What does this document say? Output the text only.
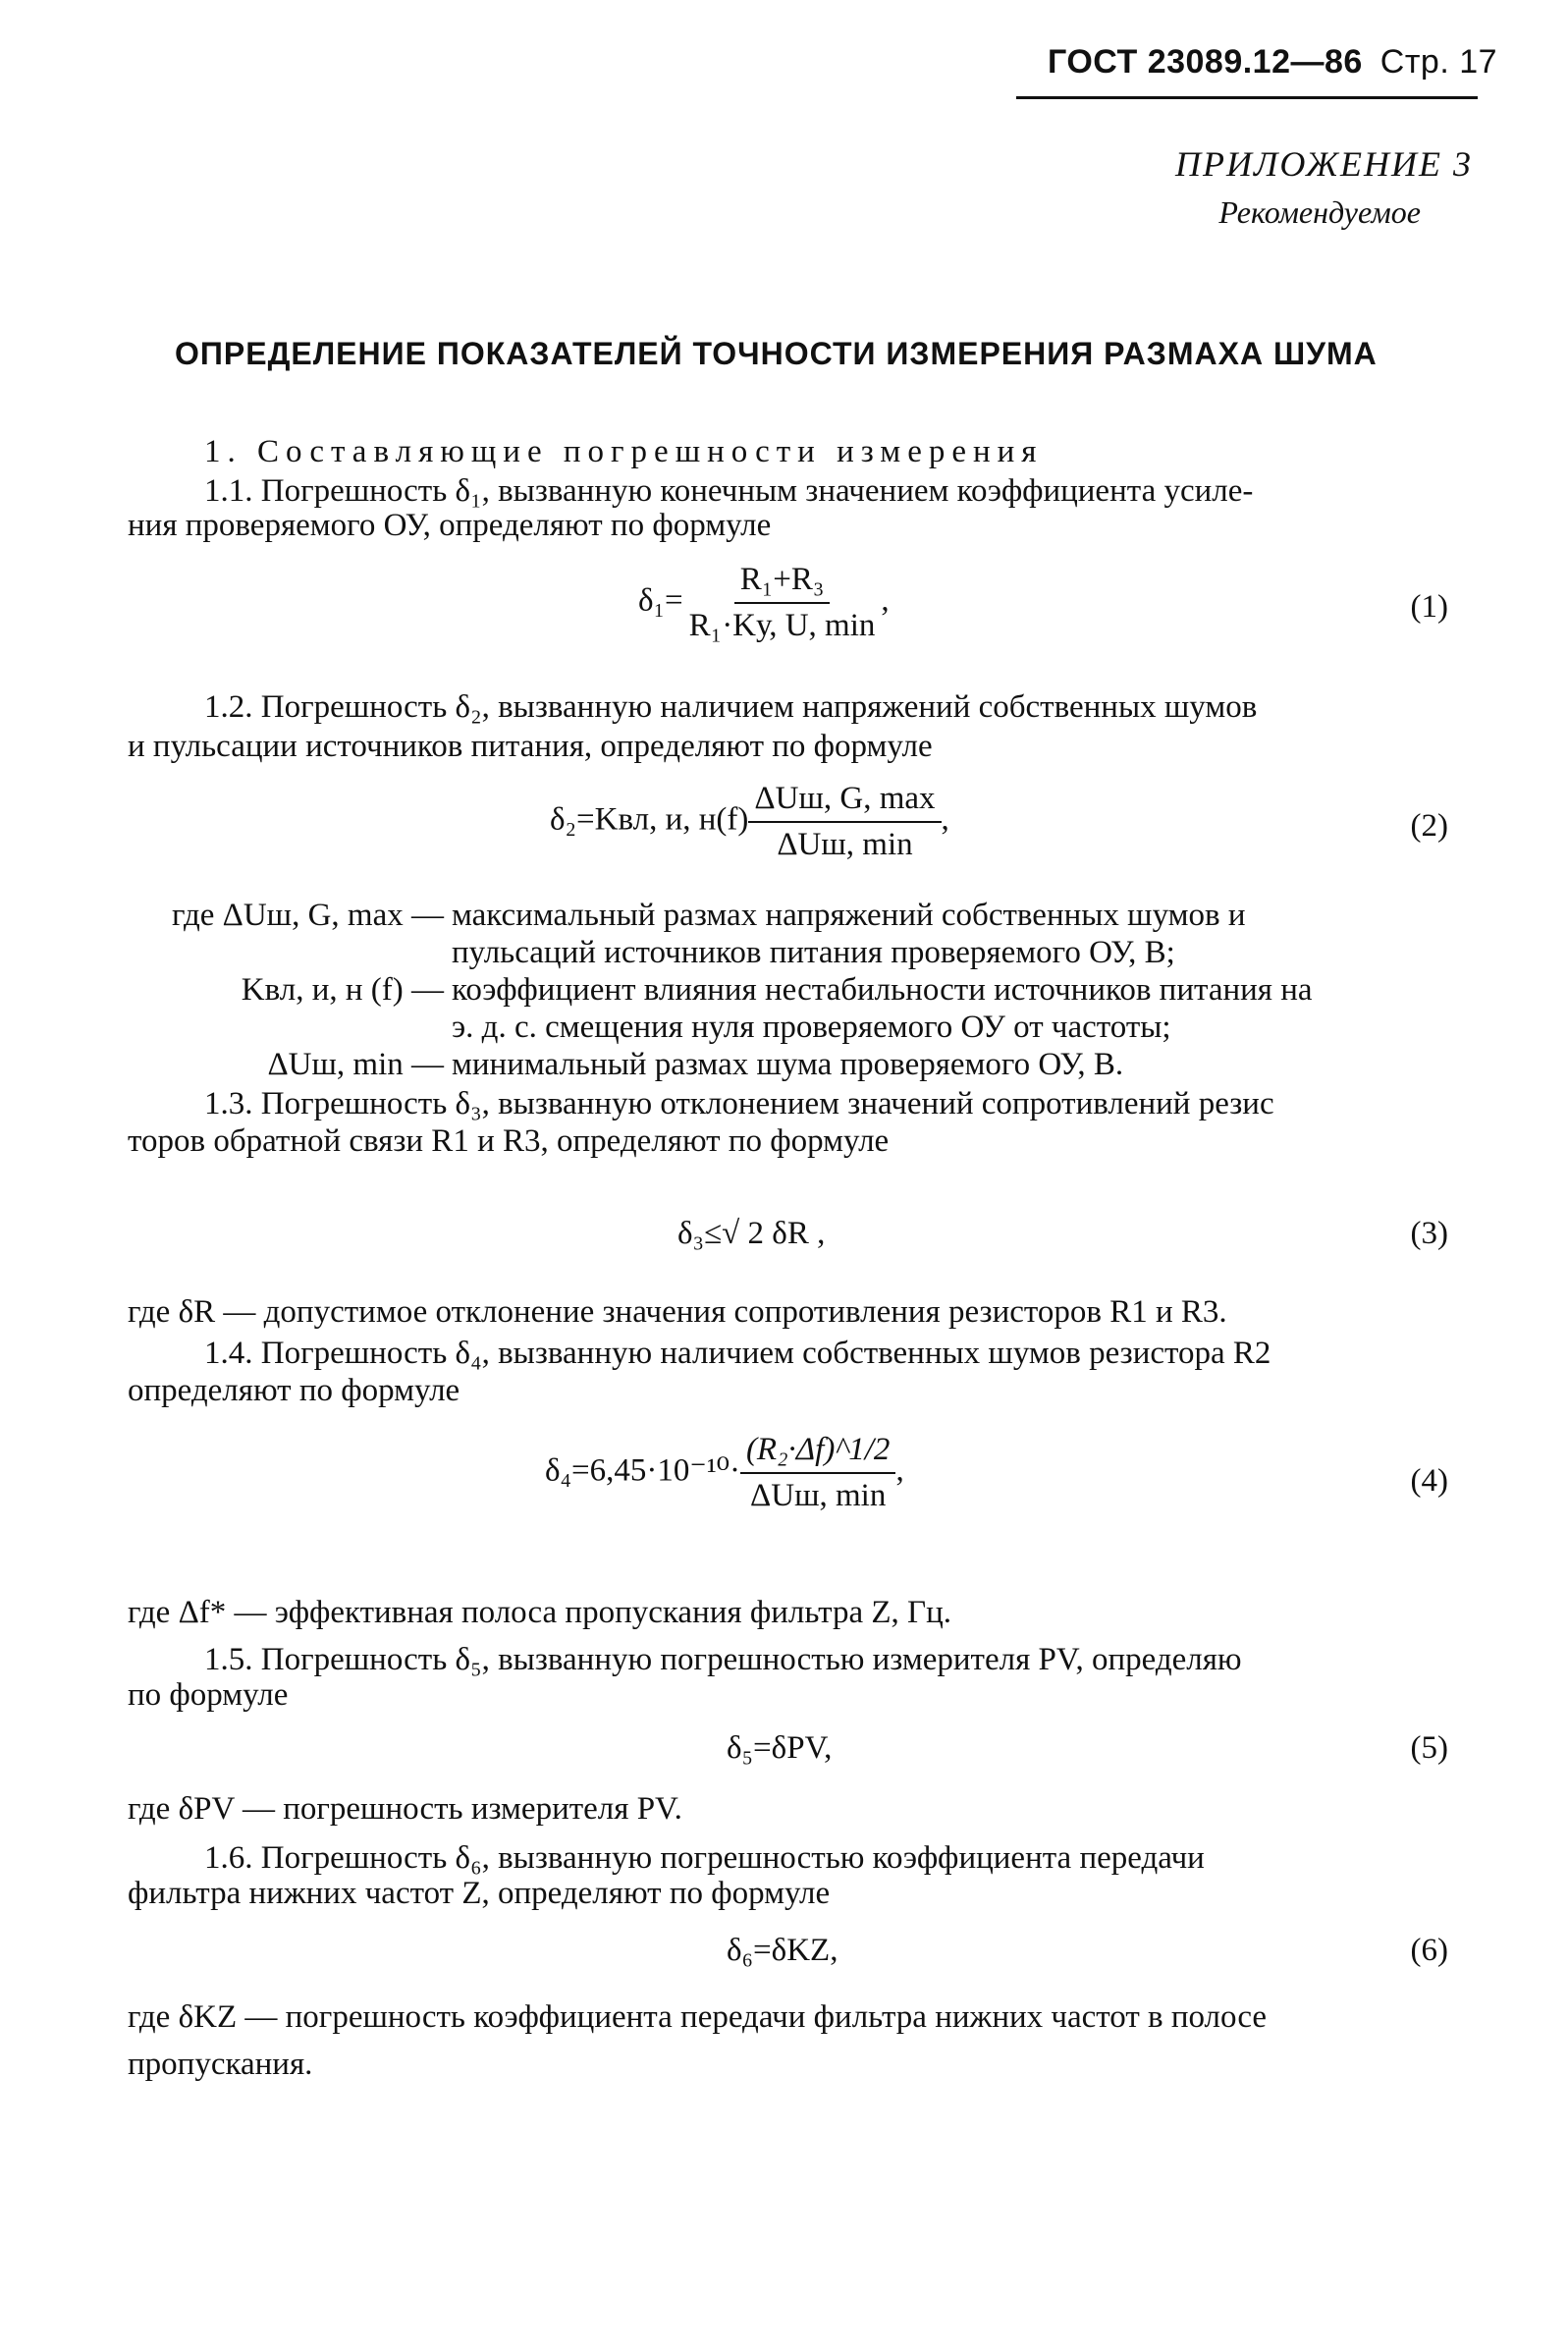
ГОСТ 23089.12—86 Стр. 17
ПРИЛОЖЕНИЕ 3
Рекомендуемое
ОПРЕДЕЛЕНИЕ ПОКАЗАТЕЛЕЙ ТОЧНОСТИ ИЗМЕРЕНИЯ РАЗМАХА ШУМА
1. Составляющие погрешности измерения
1.1. Погрешность δ₁, вызванную конечным значением коэффициента усиле-
ния проверяемого ОУ, определяют по формуле
$\delta_1= \frac{\text{R₁+R₃}}{\text{R₁·Kу, U, min}}$ ,	(1)
1.2. Погрешность δ₂, вызванную наличием напряжений собственных шумов
и пульсации источников питания, определяют по формуле
δ₂=Kвл, и, $н(f) \frac{\text{ΔUш, G, max}}{\text{ΔUш, min}}$ ,	(2)
где ΔUш, G, max — максимальный размах напряжений собственных шумов и
пульсаций источников питания проверяемого ОУ, В;
Kвл, и, н (f) — коэффициент влияния нестабильности источников питания на
э. д. с. смещения нуля проверяемого ОУ от частоты;
ΔUш, min — минимальный размах шума проверяемого ОУ, В.
1.3. Погрешность δ₃, вызванную отклонением значений сопротивлений резис
торов обратной связи R1 и R3, определяют по формуле
δ₃≤√ 2 δR ,	(3)
где δR — допустимое отклонение значения сопротивления резисторов R1 и R3.
1.4. Погрешность δ₄, вызванную наличием собственных шумов резистора R2
определяют по формуле
$\delta_4=6,45\cdot 10^{-10}\cdot \frac{\text{(R₂·Δf)\textasciicircum{}1/2}}{\text{ΔUш, min}}$ ,	(4)
где Δf* — эффективная полоса пропускания фильтра Z, Гц.
1.5. Погрешность δ₅, вызванную погрешностью измерителя PV, определяю
по формуле
δ₅=δPV,	(5)
где δPV — погрешность измерителя PV.
1.6. Погрешность δ₆, вызванную погрешностью коэффициента передачи
фильтра нижних частот Z, определяют по формуле
δ₆=δKZ,	(6)
где δKZ — погрешность коэффициента передачи фильтра нижних частот в полосе
пропускания.
